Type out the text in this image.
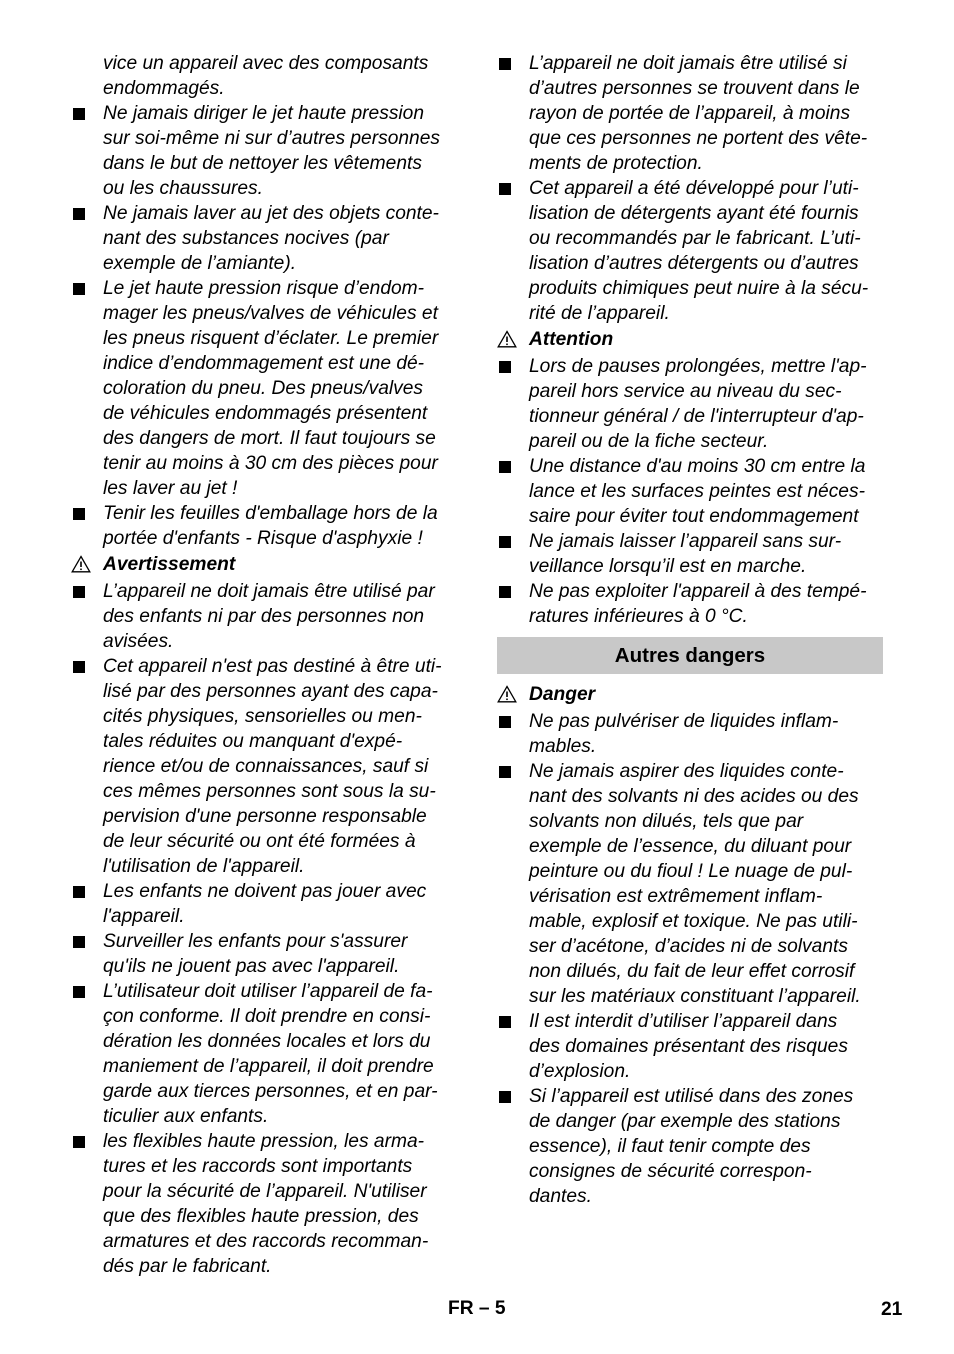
vice un appareil avec des composants
endommagés.
Ne jamais diriger le jet haute pression
sur soi-même ni sur d’autres personnes
dans le but de nettoyer les vêtements
ou les chaussures.
Ne jamais laver au jet des objets conte-
nant des substances nocives (par
exemple de l’amiante).
Le jet haute pression risque d’endom-
mager les pneus/valves de véhicules et
les pneus risquent d’éclater. Le premier
indice d’endommagement est une dé-
coloration du pneu. Des pneus/valves
de véhicules endommagés présentent
des dangers de mort. Il faut toujours se
tenir au moins à 30 cm des pièces pour
les laver au jet !
Tenir les feuilles d'emballage hors de la
portée d'enfants - Risque d'asphyxie !
Avertissement
L’appareil ne doit jamais être utilisé par
des enfants ni par des personnes non
avisées.
Cet appareil n'est pas destiné à être uti-
lisé par des personnes ayant des capa-
cités physiques, sensorielles ou men-
tales réduites ou manquant d'expé-
rience et/ou de connaissances, sauf si
ces mêmes personnes sont sous la su-
pervision d'une personne responsable
de leur sécurité ou ont été formées à
l'utilisation de l'appareil.
Les enfants ne doivent pas jouer avec
l'appareil.
Surveiller les enfants pour s'assurer
qu'ils ne jouent pas avec l'appareil.
L’utilisateur doit utiliser l’appareil de fa-
çon conforme. Il doit prendre en consi-
dération les données locales et lors du
maniement de l’appareil, il doit prendre
garde aux tierces personnes, et en par-
ticulier aux enfants.
les flexibles haute pression, les arma-
tures et les raccords sont importants
pour la sécurité de l’appareil. N'utiliser
que des flexibles haute pression, des
armatures et des raccords recomman-
dés par le fabricant.
L’appareil ne doit jamais être utilisé si
d’autres personnes se trouvent dans le
rayon de portée de l’appareil, à moins
que ces personnes ne portent des vête-
ments de protection.
Cet appareil a été développé pour l’uti-
lisation de détergents ayant été fournis
ou recommandés par le fabricant. L’uti-
lisation d’autres détergents ou d’autres
produits chimiques peut nuire à la sécu-
rité de l’appareil.
Attention
Lors de pauses prolongées, mettre l'ap-
pareil hors service au niveau du sec-
tionneur général / de l'interrupteur d'ap-
pareil ou de la fiche secteur.
Une distance d'au moins 30 cm entre la
lance et les surfaces peintes est néces-
saire pour éviter tout endommagement
Ne jamais laisser l’appareil sans sur-
veillance lorsqu’il est en marche.
Ne pas exploiter l'appareil à des tempé-
ratures inférieures à 0 °C.
Autres dangers
Danger
Ne pas pulvériser de liquides inflam-
mables.
Ne jamais aspirer des liquides conte-
nant des solvants ni des acides ou des
solvants non dilués, tels que par
exemple de l’essence, du diluant pour
peinture ou du fioul ! Le nuage de pul-
vérisation est extrêmement inflam-
mable, explosif et toxique. Ne pas utili-
ser d’acétone, d’acides ni de solvants
non dilués, du fait de leur effet corrosif
sur les matériaux constituant l’appareil.
Il est interdit d’utiliser l’appareil dans
des domaines présentant des risques
d’explosion.
Si l’appareil est utilisé dans des zones
de danger (par exemple des stations
essence), il faut tenir compte des
consignes de sécurité correspon-
dantes.
FR – 5	21
